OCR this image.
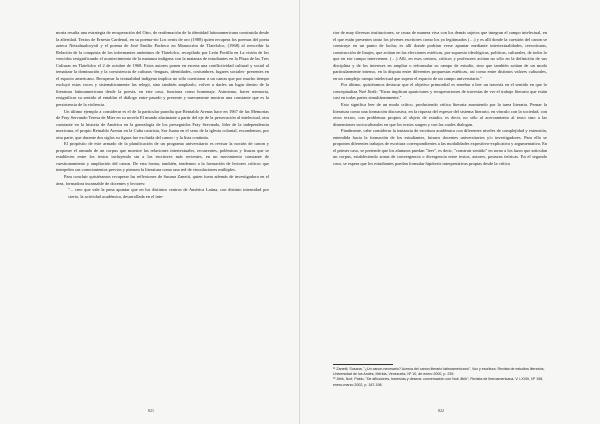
moria resulta una estrategia de recuperación del Otro, de reafirmación de la identidad latinoamericana construida desde la alteridad. Textos de Ernesto Cardenal, en su poema-rio Los ovnis de oro (1988) quien recupera los poemas del poeta azteca Netzahualcoyotl y el poema de José Emilio Pacheco en Manuscrito de Tlatelolco, (1968) al reescribir la Relación de la conquista de los informantes anónimos de Tlatelolco, recopilado por León Portilla en La visión de los vencidos resignificando el acontecimiento de la matanza indígena con la matanza de estudiantes en la Plaza de las Tres Culturas en Tlatelolco el 2 de octubre de 1968. Estos autores ponen en escena una conflictividad cultural y social al tematizar la dominación y la coexistencia de culturas -lenguas, identidades, costumbres, lugares sociales- presentes en el espacio americano. Recuperar la textualidad indígena implica no sólo cuestionar a un canon que por mucho tiempo excluyó estas voces y sistemáticamente las relegó, sino también ampliarlo, volver a darles un lugar dentro de la literatura latinoamericana desde la poesía, en este caso, funciona como homenaje. Asimismo, hacer memoria, resignificar su sentido al entablar el diálogo entre pasado y presente y nuevamente mostrar una constante que es la persistencia de la violencia.

Un último ejemplo a considerar es el de la particular parodia que Reinaldo Arenas hace en 1967 de las Memorias de Fray Servando Teresa de Mier en su novela El mundo alucinante a partir del eje de la persecución al intelectual, otra constante en la historia de América en la genealogía de los perseguidos Fray Servando, líder de la independencia mexicana, el propio Reinaldo Arenas en la Cuba castrista, Sor Juana en el seno de la iglesia colonial, escondemos, por otra parte, que durante dos siglos su figura fue excluida del canon - y la lista continúa.

El propósito de este armado de la planificación de un programa universitario es revisar la noción de canon y proponer el armado de un corpus que muestre las relaciones intertextuales, recurrentes, polémicas y fisuras que se establecen entre los textos incluyendo sin a los escritores más recientes, en un movimiento constante de cuestionamiento y ampliación del canon. De esta forma, también, tendemos a la formación de lectores críticos que interpelen sus conocimientos previos y piensen la literatura como una red de vinculaciones múltiples.

Para concluir quisiéramos recuperar las reflexiones de Susana Zanetti, quien fuera además de investigadora en el área, formadora incansable de docentes y lectores:

"... creo que vale la pena apuntar que en los distintos centros de América Latina, con distinto intensidad por cierto, la actividad académica, desarrollada en el inte-
821

rior de muy diversas instituciones, se cruza de manera viva con los demás sujetos que integran el campo intelectual, en el que están presentes tanto los jóvenes escritores como los ya legitimados (…) y es allí donde la cuestión del canon se construye en un punto de lucha; es allí donde podrían verse apuntar mediante intertextualidades, reescrituras, construcción de linajes, que actúan en las elecciones estéticas, por supuesto ideológicas, políticas, culturales, de todos lo que en ese campo intervienen. (…) Allí, en esos centros, críticos y profesores actúan no sólo en la definición de sus disciplina y de los intereses en ampliar o reformular su campo de estudio, sino que también actúan de un modo particularmente intenso, en la disputa entre diferentes propuestas estéticas, así como entre distintos valores culturales, en un complejo campo intelectual que supera el espacio de un campo universitario."

Por último, quisiéramos destacar que el objetivo primordial es enseñar a leer un travesía en el sentido en que lo conceptualiza Noé Jitrik: "Estas implican apariciones y recuperaciones de travesías de ver el trabajo literario que están casi en todas partes simultáneamente."

Esto significa leer de un modo crítico, produciendo crítica literaria asumiendo por la tarea literaria. Pensar la literatura como una formación discursiva, en la riqueza del espesor del sistema literario, en vínculo con la sociedad, con otros textos, con problemas propios al objeto de estudio, es decir, no sólo al acercamiento al texto sino a las dimensiones socioculturales en que los textos surgen y con las cuales dialogan.

Finalmente, cabe considerar la instancia de escritura académica con diferentes niveles de complejidad y extensión, entendida hacia la formación de los estudiantes, futuros docentes universitarios y/o investigadores. Para ello se proponen diferentes trabajos de escritura correspondientes a las modalidades expositivo-explicativa y argumentativa. En el primer caso, se pretende que los alumnos puedan "leer", es decir, "construir sentido" en torno a los lazos que articulan un corpus, estableciendo zonas de convergencia o divergencia entre textos, autores, posturas teóricas. En el segundo caso, se espera que los estudiantes puedan formular hipótesis interpretativas propias desde la crítica

¹¹ Zanetti, Susana, "¿Un canon necesario? Acerca del canon literario latinoamericano", Voz y escritura. Revista de estudios literarios, Universidad de los Andes, Mérida, Venezuela, Nº 10, de enero 2000, p. 239.

¹² Jitrik, Noé, Pablo, "De aflicciones, travesías y deseos: conversación con Noé Jitrik", Revista de Iberoamericana, V. LXVIII, Nº 198, enero-marzo 2002, p. 187-198.

822
